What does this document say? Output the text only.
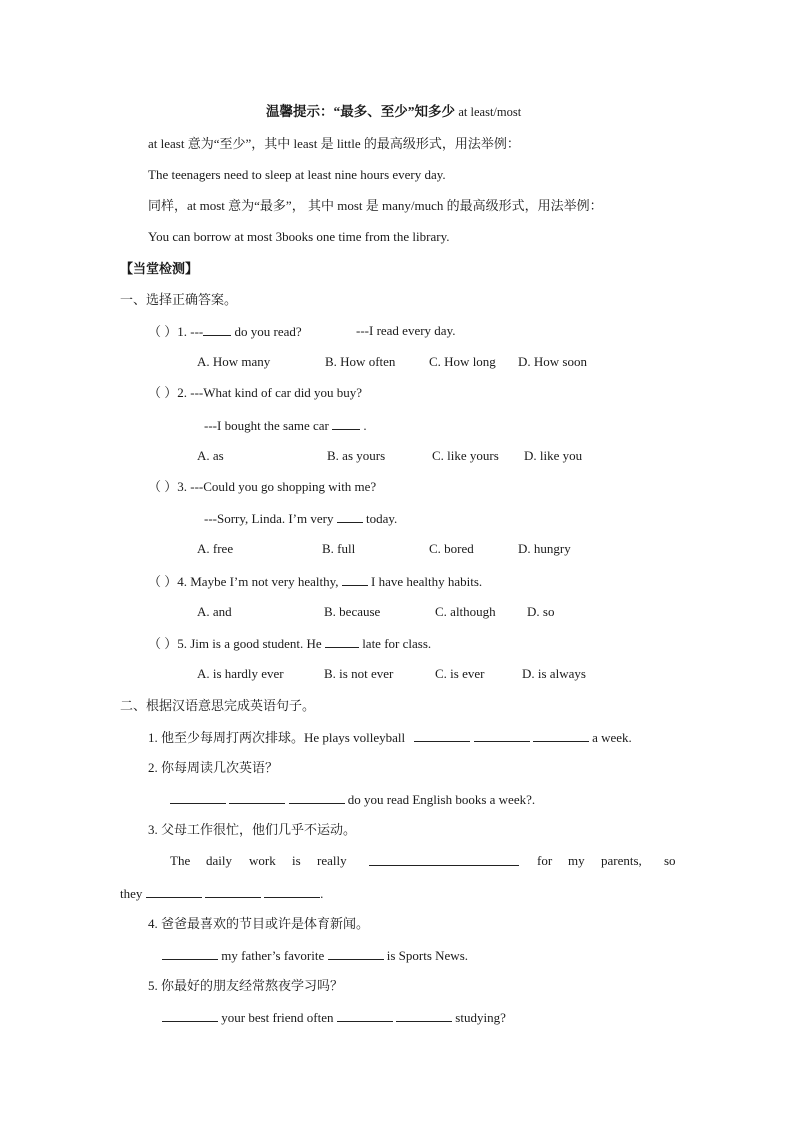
温馨提示：“最多、至少”知多少 at least/most
at least 意为“至少”，其中 least 是 little 的最高级形式，用法举例：
The teenagers need to sleep at least nine hours every day.
同样，at most 意为“最多”， 其中 most 是 many/much 的最高级形式，用法举例：
You can borrow at most 3books one time from the library.
【当堂检测】
一、选择正确答案。
（ ）1. --- do you read?	---I read every day.
A. How many	B. How often	C. How long D. How soon
（ ）2. ---What kind of car did you buy?
---I bought the same car  .
A. as	B. as yours	C. like yours D. like you
（ ）3. ---Could you go shopping with me?
---Sorry, Linda. I’m very	today.
A. free	B. full	C. bored	D. hungry
（ ）4. Maybe I’m not very healthy,	I have healthy habits.
A. and	B. because	C. although D. so
（ ）5. Jim is a good student. He	late for class.
A. is hardly ever	B. is not ever	C. is ever	D. is always
二、根据汉语意思完成英语句子。
1. 他至少每周打两次排球。He plays volleyball	a week.
2. 你每周读几次英语？
do you read English books a week?.
3. 父母工作很忙，他们几乎不运动。
The daily work is really	for my parents, so
they	.
4. 爸爸最喜欢的节目或许是体育新闻。
my father’s favorite	is Sports News.
5. 你最好的朋友经常熬夜学习吗？
your best friend often	studying?
